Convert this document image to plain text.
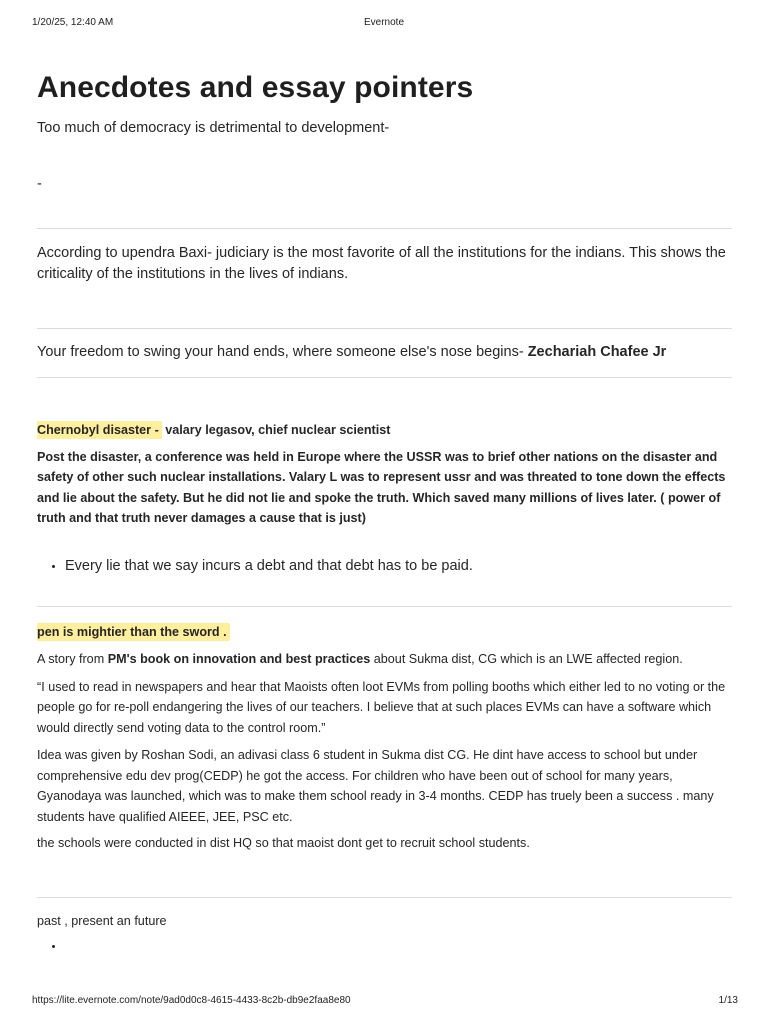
1/20/25, 12:40 AM	Evernote
Anecdotes and essay pointers

Too much of democracy is detrimental to development-

-

According to upendra Baxi- judiciary is the most favorite of all the institutions for the indians. This shows the criticality of the institutions in the lives of indians.

Your freedom to swing your hand ends, where someone else's nose begins- Zechariah Chafee Jr

Chernobyl disaster - valary legasov, chief nuclear scientist

Post the disaster, a conference was held in Europe where the USSR was to brief other nations on the disaster and safety of other such nuclear installations. Valary L was to represent ussr and was threated to tone down the effects and lie about the safety. But he did not lie and spoke the truth. Which saved many millions of lives later. ( power of truth and that truth never damages a cause that is just)

• Every lie that we say incurs a debt and that debt has to be paid.

pen is mightier than the sword .

A story from PM's book on innovation and best practices about Sukma dist, CG which is an LWE affected region.

“I used to read in newspapers and hear that Maoists often loot EVMs from polling booths which either led to no voting or the people go for re-poll endangering the lives of our teachers. I believe that at such places EVMs can have a software which would directly send voting data to the control room.”

Idea was given by Roshan Sodi, an adivasi class 6 student in Sukma dist CG. He dint have access to school but under comprehensive edu dev prog(CEDP) he got the access. For children who have been out of school for many years, Gyanodaya was launched, which was to make them school ready in 3-4 months. CEDP has truely been a success . many students have qualified AIEEE, JEE, PSC etc.

the schools were conducted in dist HQ so that maoist dont get to recruit school students.

past , present an future

•
https://lite.evernote.com/note/9ad0d0c8-4615-4433-8c2b-db9e2faa8e80	1/13
